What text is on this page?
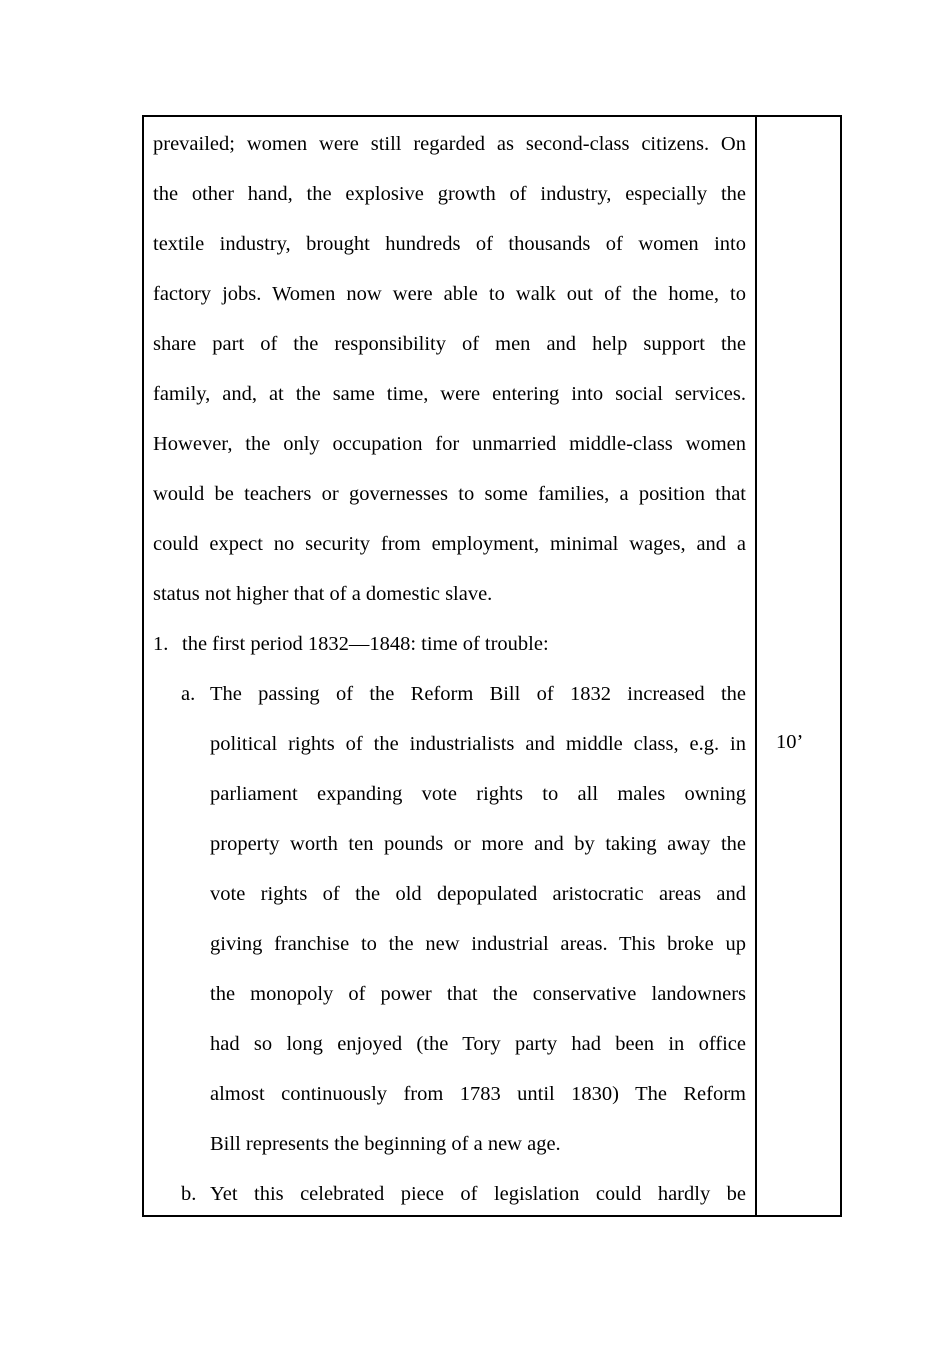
prevailed; women were still regarded as second-class citizens. On
the other hand, the explosive growth of industry, especially the
textile industry, brought hundreds of thousands of women into
factory jobs. Women now were able to walk out of the home, to
share part of the responsibility of men and help support the
family, and, at the same time, were entering into social services.
However, the only occupation for unmarried middle-class women
would be teachers or governesses to some families, a position that
could expect no security from employment, minimal wages, and a
status not higher that of a domestic slave.
1. the first period 1832—1848: time of trouble:
a. The passing of the Reform Bill of 1832 increased the
political rights of the industrialists and middle class, e.g. in
parliament expanding vote rights to all males owning
property worth ten pounds or more and by taking away the
vote rights of the old depopulated aristocratic areas and
giving franchise to the new industrial areas. This broke up
the monopoly of power that the conservative landowners
had so long enjoyed (the Tory party had been in office
almost continuously from 1783 until 1830) The Reform
Bill represents the beginning of a new age.
b. Yet this celebrated piece of legislation could hardly be
10’
